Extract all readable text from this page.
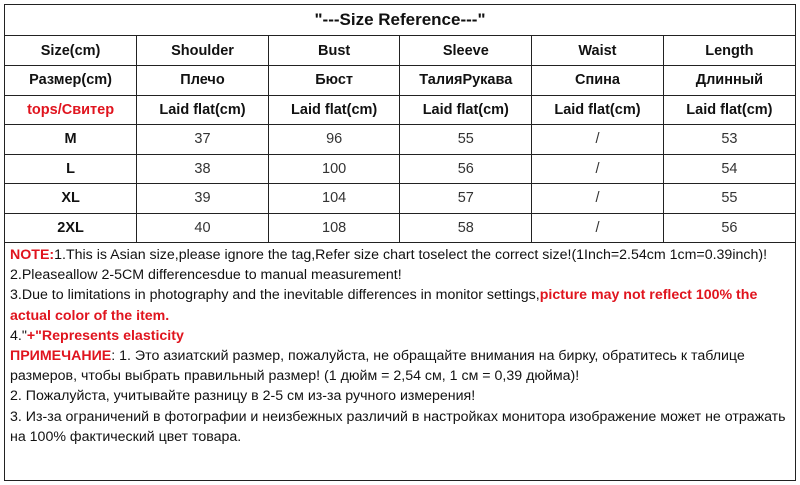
"---Size Reference---"
Size(cm)	Shoulder	Bust	Sleeve	Waist	Length
Размер(cm)	Плечо	Бюст	ТалияРукава	Спина	Длинный
tops/Свитер	Laid flat(cm)	Laid flat(cm)	Laid flat(cm)	Laid flat(cm)	Laid flat(cm)
M	37	96	55	/	53
L	38	100	56	/	54
XL	39	104	57	/	55
2XL	40	108	58	/	56

NOTE:1.This is Asian size,please ignore the tag,Refer size chart toselect the correct size!(1Inch=2.54cm 1cm=0.39inch)!

2.Pleaseallow 2-5CM differencesdue to manual measurement!

3.Due to limitations in photography and the inevitable differences in monitor settings,picture may not reflect 100% the actual color of the item.

4."+"Represents elasticity

ПРИМЕЧАНИЕ: 1. Это азиатский размер, пожалуйста, не обращайте внимания на бирку, обратитесь к таблице размеров, чтобы выбрать правильный размер! (1 дюйм = 2,54 см, 1 см = 0,39 дюйма)!

2. Пожалуйста, учитывайте разницу в 2-5 см из-за ручного измерения!

3. Из-за ограничений в фотографии и неизбежных различий в настройках монитора изображение может не отражать на 100% фактический цвет товара.
